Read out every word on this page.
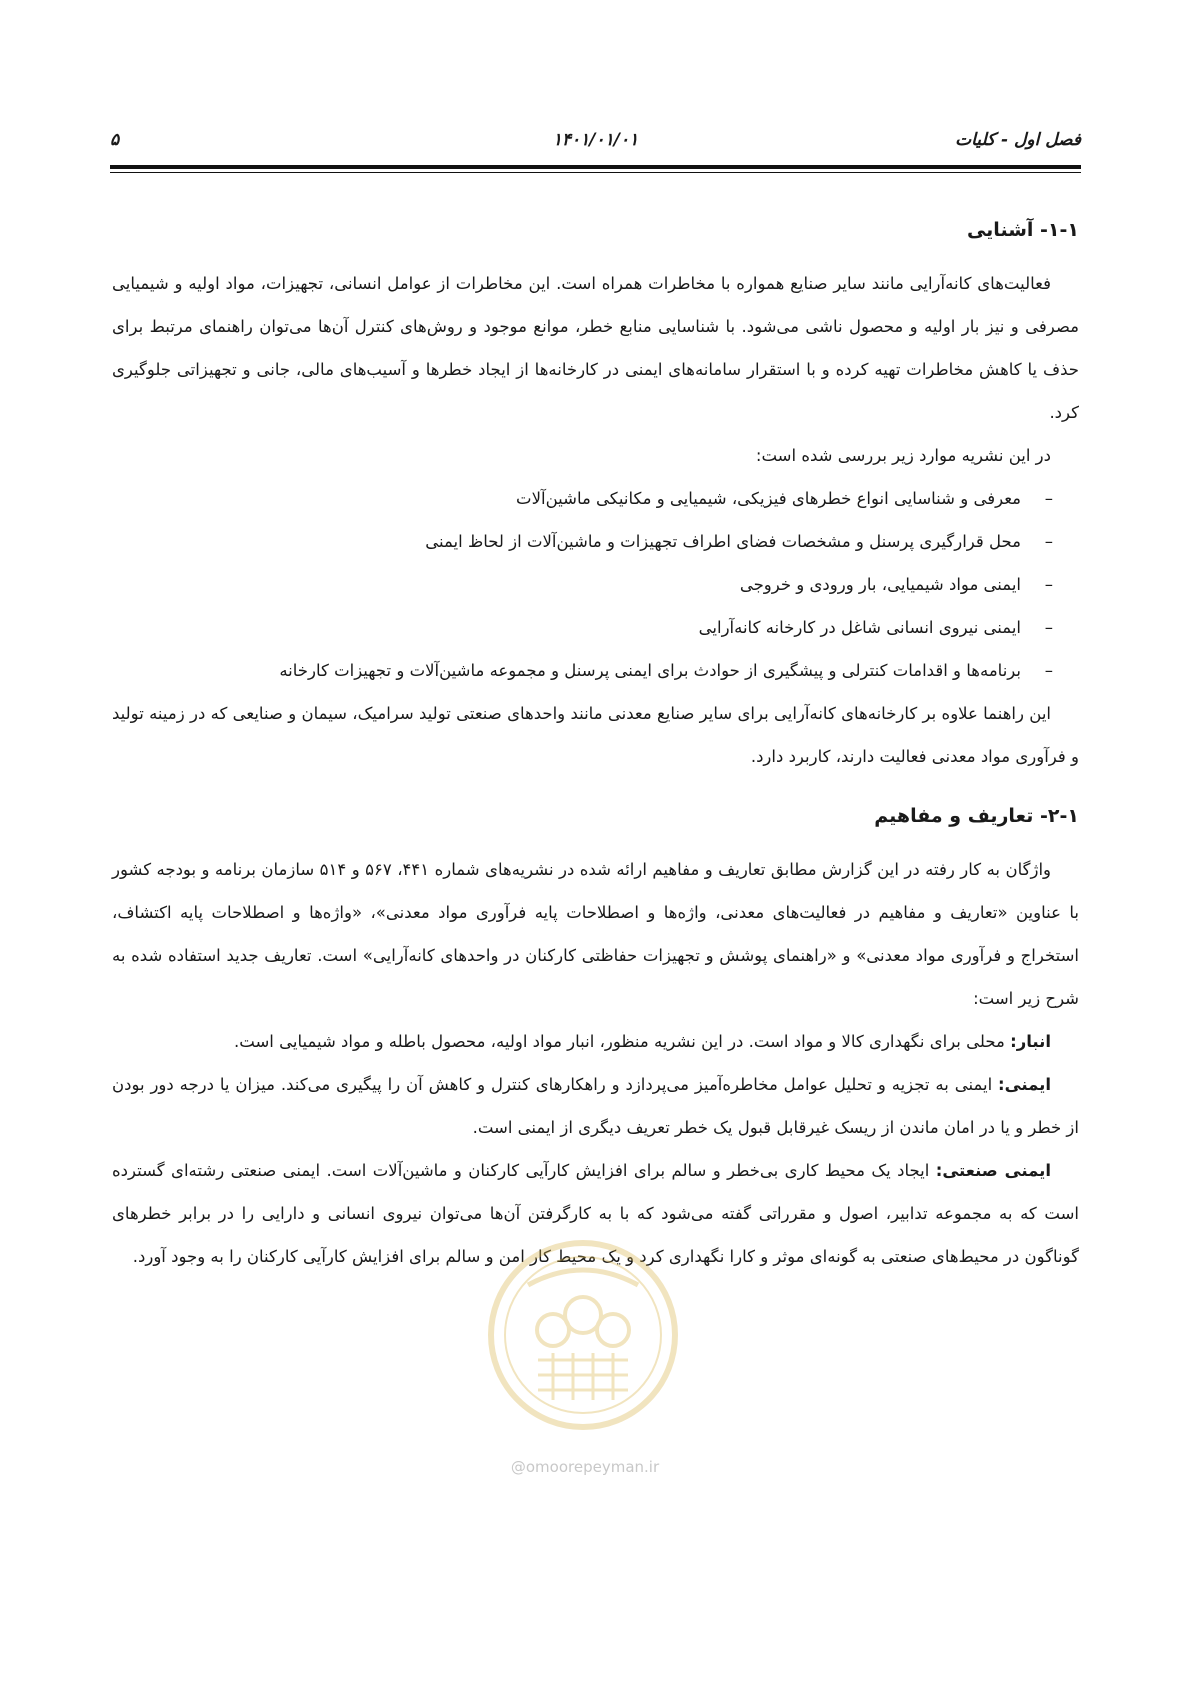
فصل اول - کلیات
۱۴۰۱/۰۱/۰۱
۵
۱-۱- آشنایی

فعالیت‌های کانه‌آرایی مانند سایر صنایع همواره با مخاطرات همراه است. این مخاطرات از عوامل انسانی، تجهیزات، مواد اولیه و شیمیایی مصرفی و نیز بار اولیه و محصول ناشی می‌شود. با شناسایی منابع خطر، موانع موجود و روش‌های کنترل آن‌ها می‌توان راهنمای مرتبط برای حذف یا کاهش مخاطرات تهیه کرده و با استقرار سامانه‌های ایمنی در کارخانه‌ها از ایجاد خطرها و آسیب‌های مالی، جانی و تجهیزاتی جلوگیری کرد.

در این نشریه موارد زیر بررسی شده است:

– معرفی و شناسایی انواع خطرهای فیزیکی، شیمیایی و مکانیکی ماشین‌آلات
– محل قرارگیری پرسنل و مشخصات فضای اطراف تجهیزات و ماشین‌آلات از لحاظ ایمنی
– ایمنی مواد شیمیایی، بار ورودی و خروجی
– ایمنی نیروی انسانی شاغل در کارخانه کانه‌آرایی
– برنامه‌ها و اقدامات کنترلی و پیشگیری از حوادث برای ایمنی پرسنل و مجموعه ماشین‌آلات و تجهیزات کارخانه

این راهنما علاوه بر کارخانه‌های کانه‌آرایی برای سایر صنایع معدنی مانند واحدهای صنعتی تولید سرامیک، سیمان و صنایعی که در زمینه تولید و فرآوری مواد معدنی فعالیت دارند، کاربرد دارد.

۲-۱- تعاریف و مفاهیم

واژگان به کار رفته در این گزارش مطابق تعاریف و مفاهیم ارائه شده در نشریه‌های شماره ۴۴۱، ۵۶۷ و ۵۱۴ سازمان برنامه و بودجه کشور با عناوین «تعاریف و مفاهیم در فعالیت‌های معدنی، واژه‌ها و اصطلاحات پایه فرآوری مواد معدنی»، «واژه‌ها و اصطلاحات پایه اکتشاف، استخراج و فرآوری مواد معدنی» و «راهنمای پوشش و تجهیزات حفاظتی کارکنان در واحدهای کانه‌آرایی» است. تعاریف جدید استفاده شده به شرح زیر است:

انبار: محلی برای نگهداری کالا و مواد است. در این نشریه منظور، انبار مواد اولیه، محصول باطله و مواد شیمیایی است.

ایمنی: ایمنی به تجزیه و تحلیل عوامل مخاطره‌آمیز می‌پردازد و راهکارهای کنترل و کاهش آن را پیگیری می‌کند. میزان یا درجه دور بودن از خطر و یا در امان ماندن از ریسک غیرقابل قبول یک خطر تعریف دیگری از ایمنی است.

ایمنی صنعتی: ایجاد یک محیط کاری بی‌خطر و سالم برای افزایش کارآیی کارکنان و ماشین‌آلات است. ایمنی صنعتی رشته‌ای گسترده است که به مجموعه تدابیر، اصول و مقرراتی گفته می‌شود که با به کارگرفتن آن‌ها می‌توان نیروی انسانی و دارایی را در برابر خطرهای گوناگون در محیط‌های صنعتی به گونه‌ای موثر و کارا نگهداری کرد و یک محیط کار امن و سالم برای افزایش کارآیی کارکنان را به وجود آورد.

@omoorepeyman.ir
